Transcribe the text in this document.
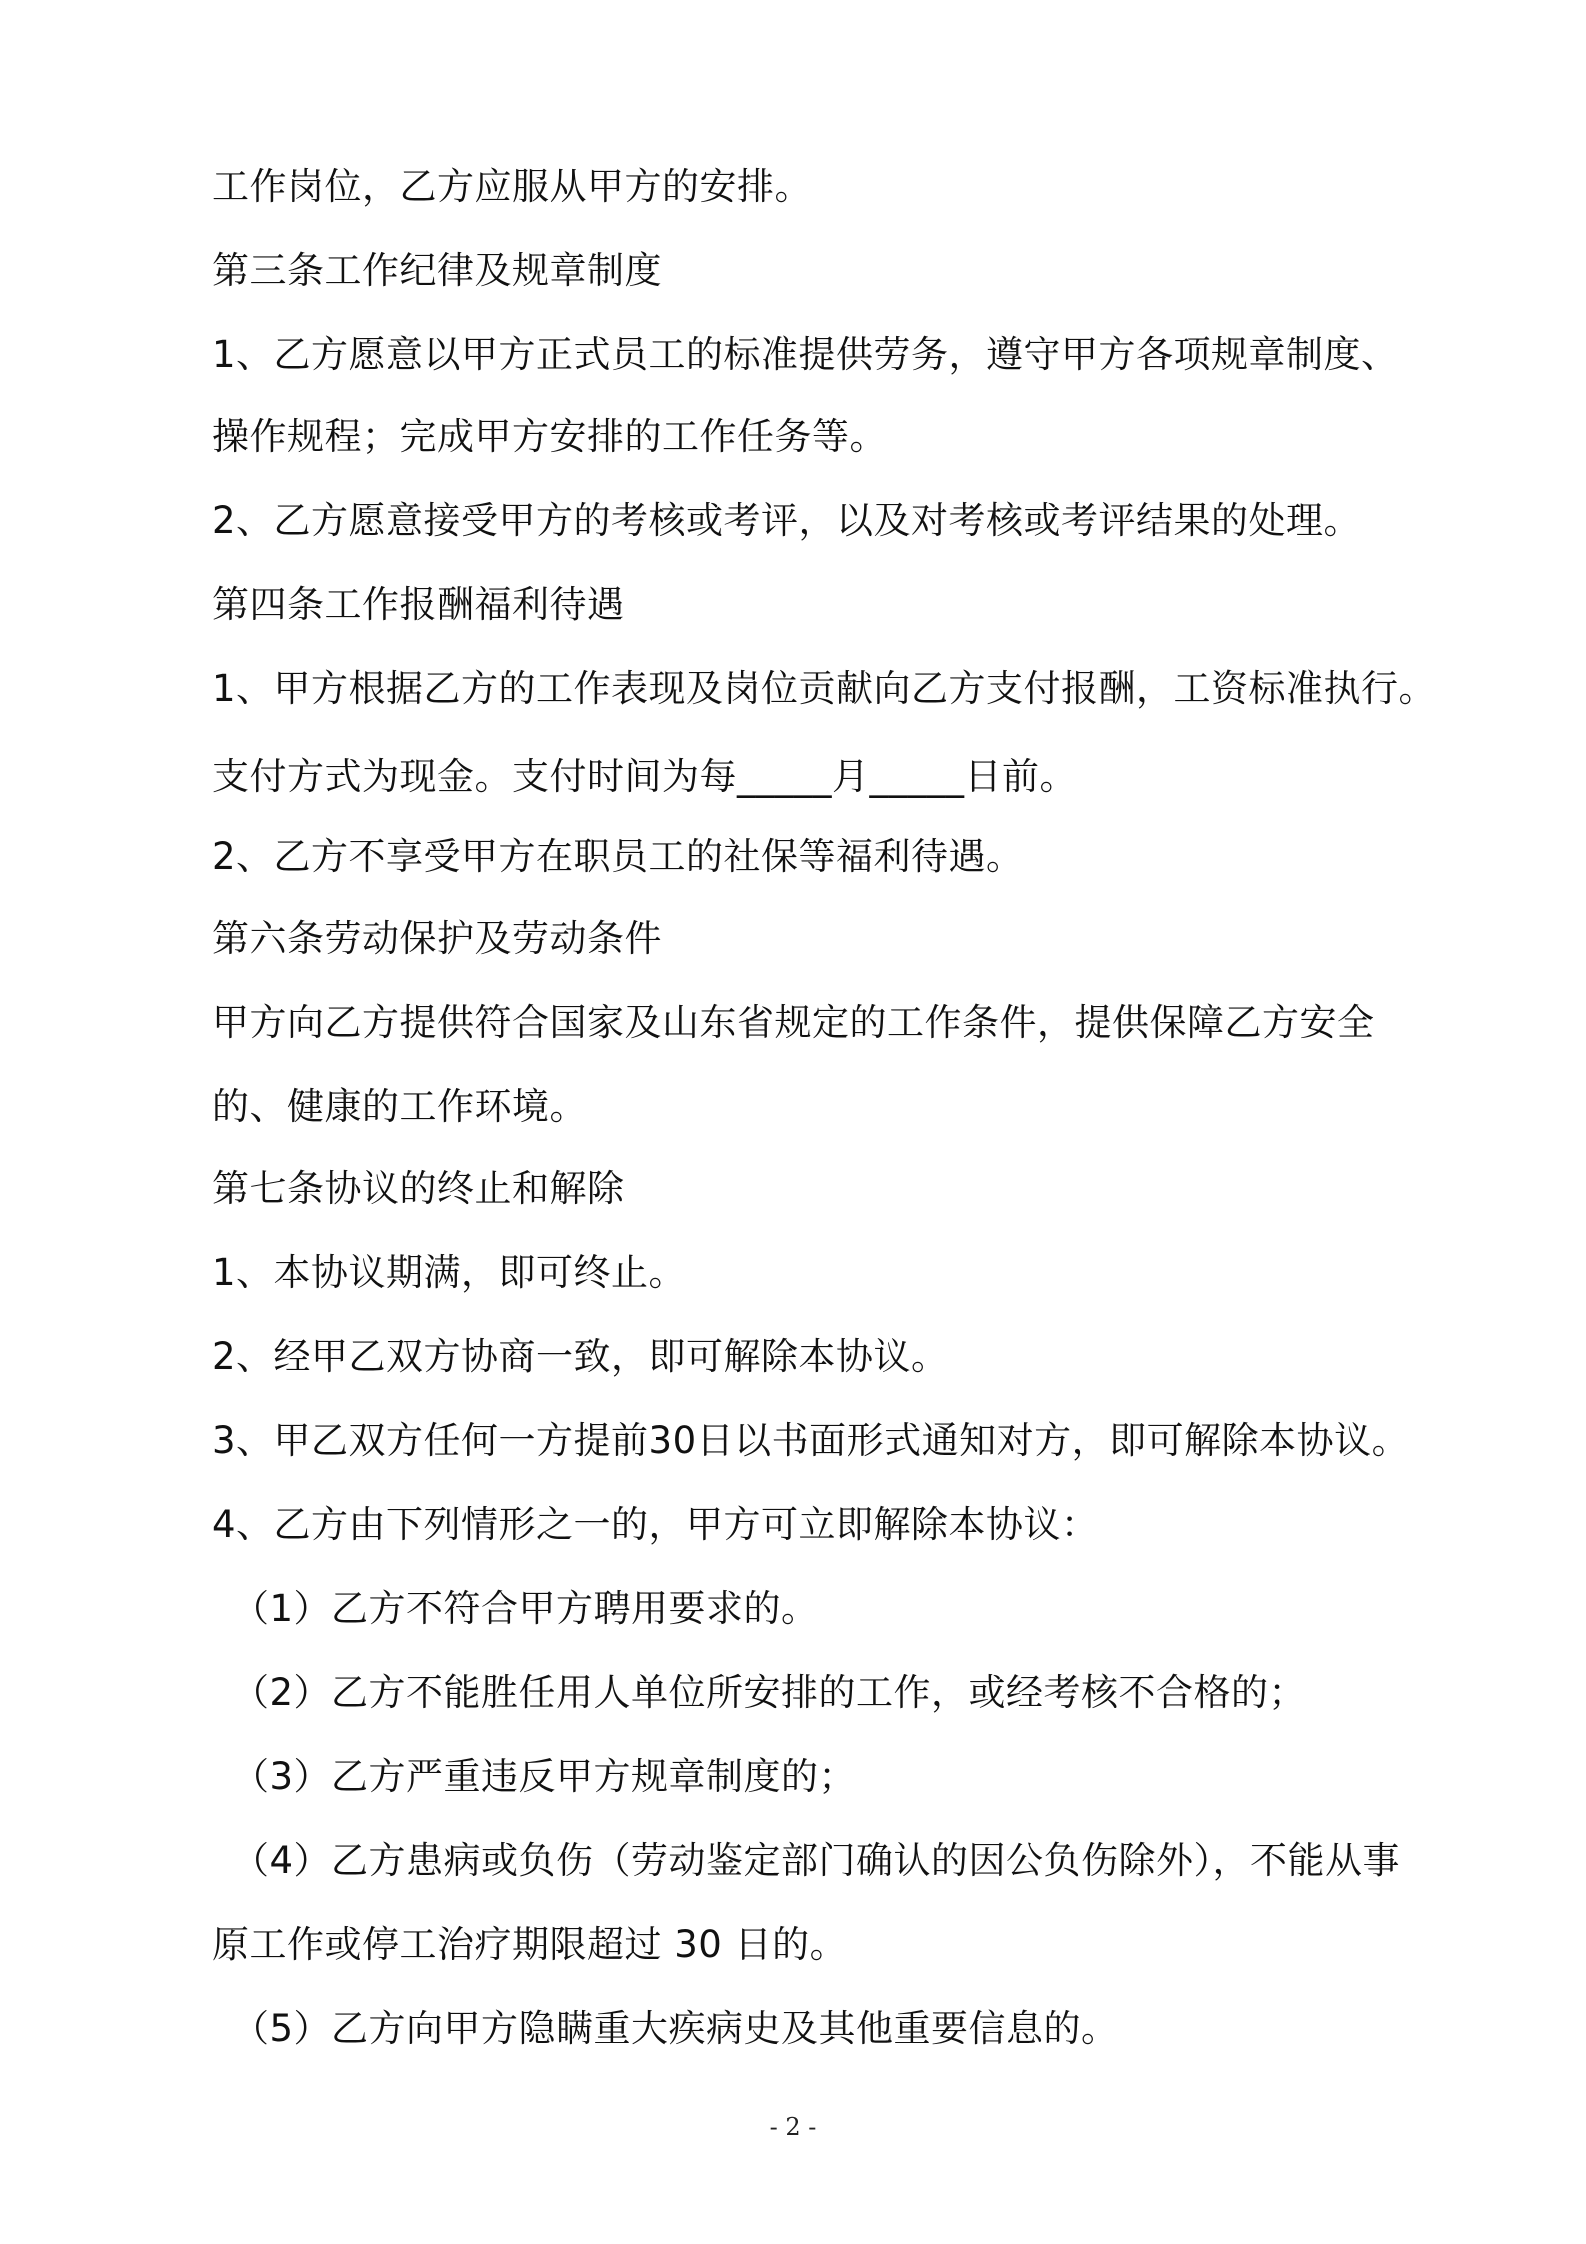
工作岗位，乙方应服从甲方的安排。
第三条工作纪律及规章制度
1、乙方愿意以甲方正式员工的标准提供劳务，遵守甲方各项规章制度、
操作规程；完成甲方安排的工作任务等。
2、乙方愿意接受甲方的考核或考评，以及对考核或考评结果的处理。
第四条工作报酬福利待遇
1、甲方根据乙方的工作表现及岗位贡献向乙方支付报酬，工资标准执行。
支付方式为现金。支付时间为每_____月_____日前。
2、乙方不享受甲方在职员工的社保等福利待遇。
第六条劳动保护及劳动条件
甲方向乙方提供符合国家及山东省规定的工作条件，提供保障乙方安全
的、健康的工作环境。
第七条协议的终止和解除
1、本协议期满，即可终止。
2、经甲乙双方协商一致，即可解除本协议。
3、甲乙双方任何一方提前30日以书面形式通知对方，即可解除本协议。
4、乙方由下列情形之一的，甲方可立即解除本协议：
（1）乙方不符合甲方聘用要求的。
（2）乙方不能胜任用人单位所安排的工作，或经考核不合格的；
（3）乙方严重违反甲方规章制度的；
（4）乙方患病或负伤（劳动鉴定部门确认的因公负伤除外），不能从事
原工作或停工治疗期限超过 30 日的。
（5）乙方向甲方隐瞒重大疾病史及其他重要信息的。
- 2 -
